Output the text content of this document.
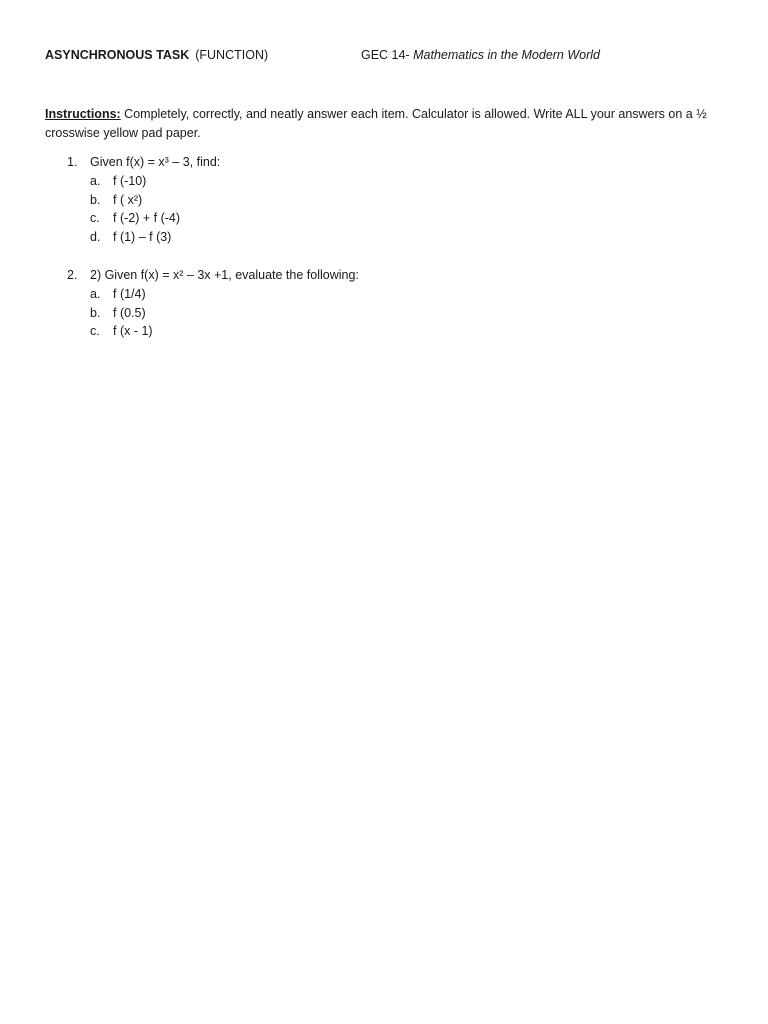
ASYNCHRONOUS TASK (FUNCTION)	GEC 14- Mathematics in the Modern World
Instructions: Completely, correctly, and neatly answer each item. Calculator is allowed. Write ALL your answers on a ½ crosswise yellow pad paper.
1. Given f(x) = x³ – 3, find:
a. f (-10)
b. f ( x²)
c. f (-2) + f (-4)
d. f (1) – f (3)
2. 2) Given f(x) = x² – 3x +1, evaluate the following:
a. f (1/4)
b. f (0.5)
c. f (x - 1)
